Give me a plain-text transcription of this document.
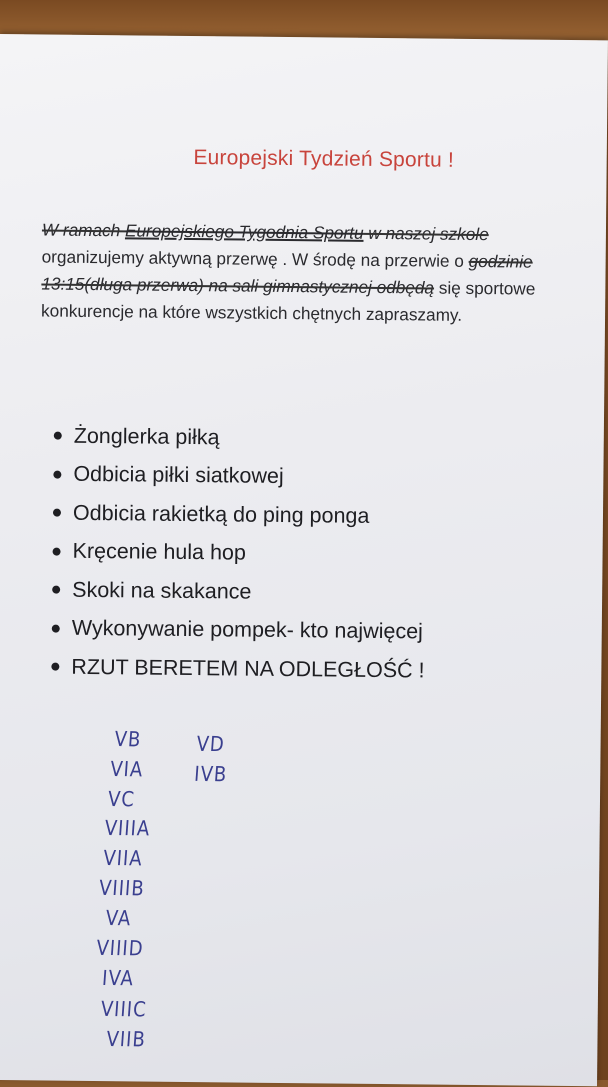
Europejski Tydzień Sportu !
W ramach Europejskiego Tygodnia Sportu w naszej szkole organizujemy aktywną przerwę . W środę na przerwie o godzinie 13:15(długa przerwa) na sali gimnastycznej odbędą się sportowe konkurencje na które wszystkich chętnych zapraszamy.
Żonglerka piłką
Odbicia piłki siatkowej
Odbicia rakietką do ping ponga
Kręcenie hula hop
Skoki na skakance
Wykonywanie pompek- kto najwięcej
RZUT BERETEM NA ODLEGŁOŚĆ !
VB
VIA
VC
VIIIA
VIIA
VIIIB
VA
VIIID
IVA
VIIIC
VIIB
VD
IVB
